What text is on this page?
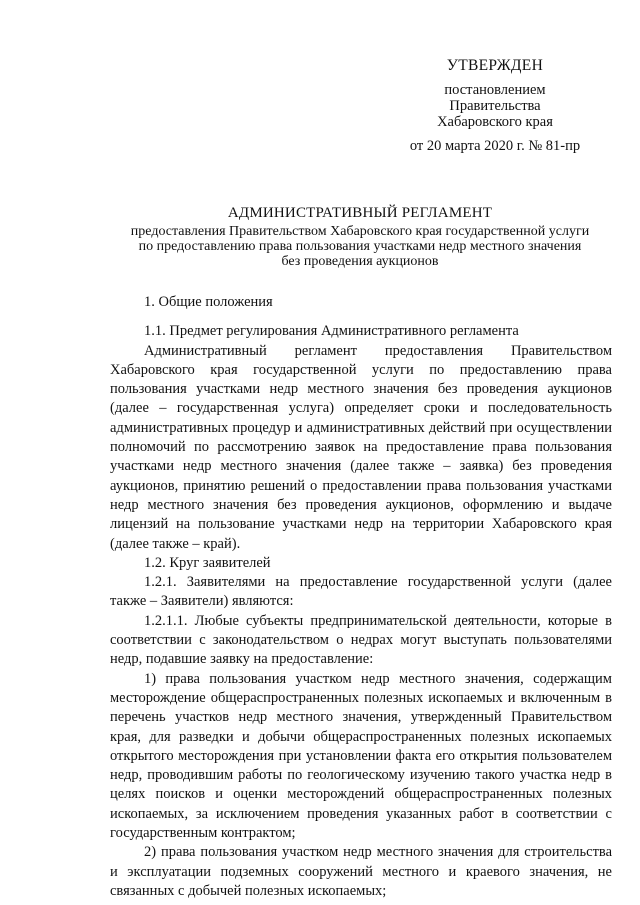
УТВЕРЖДЕН
постановлением
Правительства
Хабаровского края
от 20 марта 2020 г. № 81-пр
АДМИНИСТРАТИВНЫЙ РЕГЛАМЕНТ
предоставления Правительством Хабаровского края государственной услуги
по предоставлению права пользования участками недр местного значения
без проведения аукционов

1. Общие положения

1.1. Предмет регулирования Административного регламента

Административный регламент предоставления Правительством Хабаровского края государственной услуги по предоставлению права пользования участками недр местного значения без проведения аукционов (далее – государственная услуга) определяет сроки и последовательность административных процедур и административных действий при осуществлении полномочий по рассмотрению заявок на предоставление права пользования участками недр местного значения (далее также – заявка) без проведения аукционов, принятию решений о предоставлении права пользования участками недр местного значения без проведения аукционов, оформлению и выдаче лицензий на пользование участками недр на территории Хабаровского края (далее также – край).

1.2. Круг заявителей

1.2.1. Заявителями на предоставление государственной услуги (далее также – Заявители) являются:

1.2.1.1. Любые субъекты предпринимательской деятельности, которые в соответствии с законодательством о недрах могут выступать пользователями недр, подавшие заявку на предоставление:

1) права пользования участком недр местного значения, содержащим месторождение общераспространенных полезных ископаемых и включенным в перечень участков недр местного значения, утвержденный Правительством края, для разведки и добычи общераспространенных полезных ископаемых открытого месторождения при установлении факта его открытия пользователем недр, проводившим работы по геологическому изучению такого участка недр в целях поисков и оценки месторождений общераспространенных полезных ископаемых, за исключением проведения указанных работ в соответствии с государственным контрактом;

2) права пользования участком недр местного значения для строительства и эксплуатации подземных сооружений местного и краевого значения, не связанных с добычей полезных ископаемых;
